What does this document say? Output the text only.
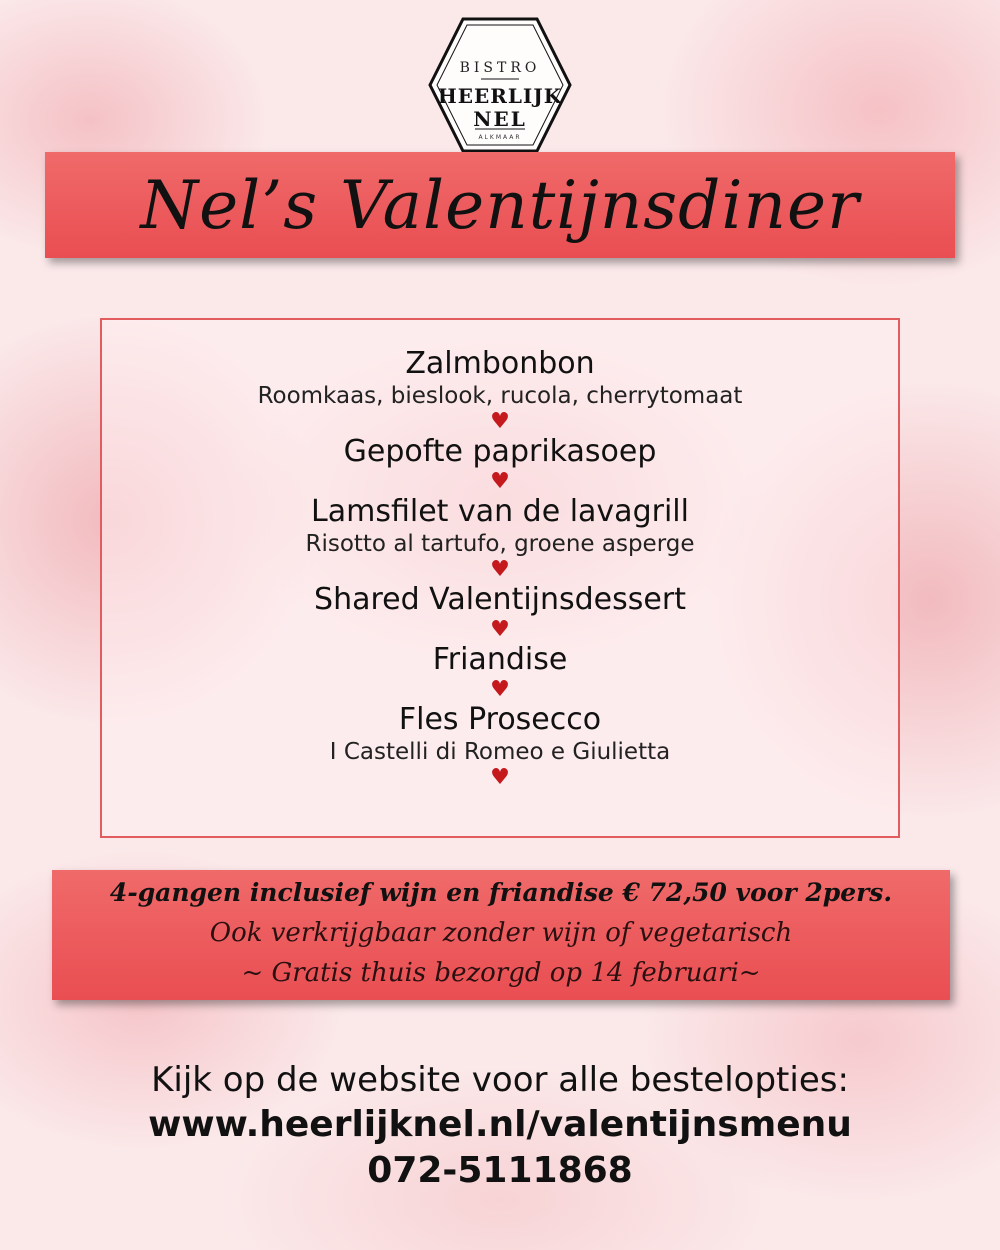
BISTRO
HEERLIJK
NEL
ALKMAAR
Nel’s Valentijnsdiner
Zalmbonbon
Roomkaas, bieslook, rucola, cherrytomaat
♥
Gepofte paprikasoep
♥
Lamsfilet van de lavagrill
Risotto al tartufo, groene asperge
♥
Shared Valentijnsdessert
♥
Friandise
♥
Fles Prosecco
I Castelli di Romeo e Giulietta
♥
4-gangen inclusief wijn en friandise € 72,50 voor 2pers.
Ook verkrijgbaar zonder wijn of vegetarisch
~ Gratis thuis bezorgd op 14 februari~
Kijk op de website voor alle bestelopties:
www.heerlijknel.nl/valentijnsmenu
072-5111868
